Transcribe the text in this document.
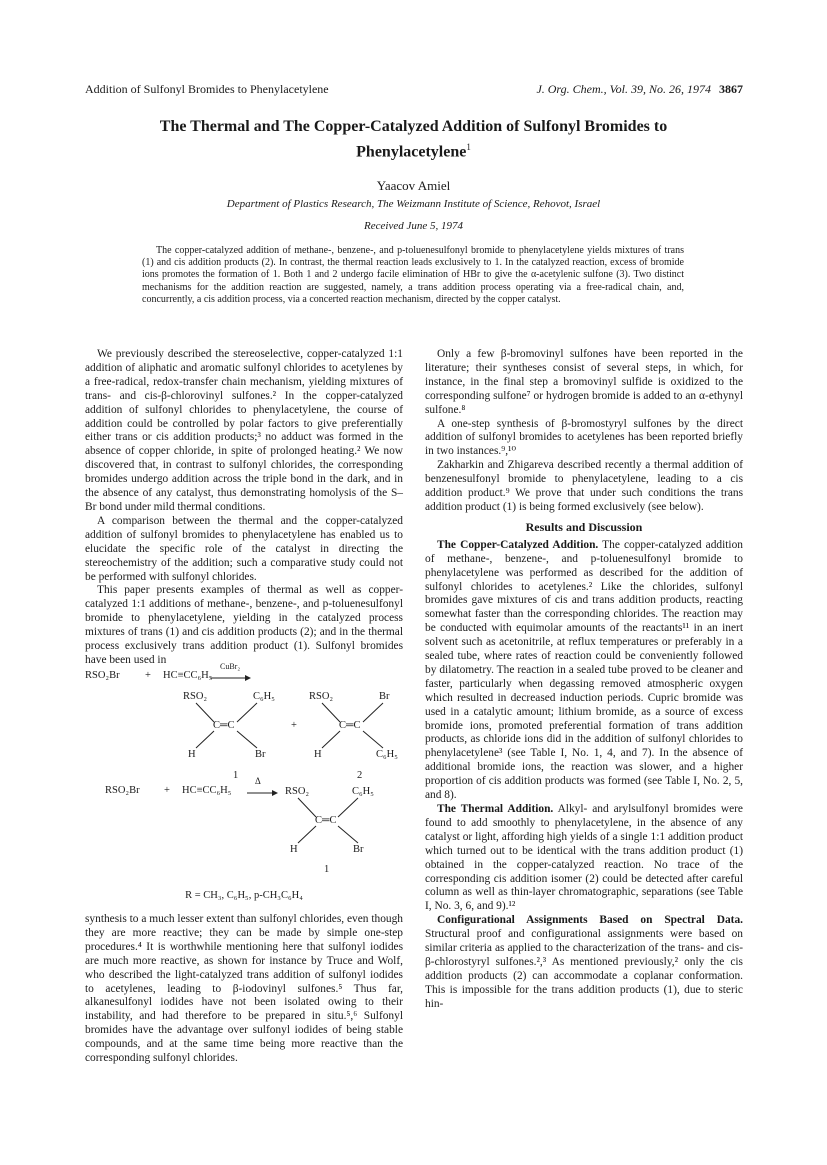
Addition of Sulfonyl Bromides to Phenylacetylene	J. Org. Chem., Vol. 39, No. 26, 1974 3867
The Thermal and The Copper-Catalyzed Addition of Sulfonyl Bromides to
Phenylacetylene$^1$
Yaacov Amiel
Department of Plastics Research, The Weizmann Institute of Science, Rehovot, Israel
Received June 5, 1974
The copper-catalyzed addition of methane-, benzene-, and p-toluenesulfonyl bromide to phenylacetylene yields mixtures of trans (1) and cis addition products (2). In contrast, the thermal reaction leads exclusively to 1. In the catalyzed reaction, excess of bromide ions promotes the formation of 1. Both 1 and 2 undergo facile elimination of HBr to give the α-acetylenic sulfone (3). Two distinct mechanisms for the addition reaction are suggested, namely, a trans addition process operating via a free-radical chain, and, concurrently, a cis addition process, via a concerted reaction mechanism, directed by the copper catalyst.

We previously described the stereoselective, copper-catalyzed 1:1 addition of aliphatic and aromatic sulfonyl chlorides to acetylenes by a free-radical, redox-transfer chain mechanism, yielding mixtures of trans- and cis-β-chlorovinyl sulfones.² In the copper-catalyzed addition of sulfonyl chlorides to phenylacetylene, the course of addition could be controlled by polar factors to give preferentially either trans or cis addition products;³ no adduct was formed in the absence of copper chloride, in spite of prolonged heating.² We now discovered that, in contrast to sulfonyl chlorides, the corresponding bromides undergo addition across the triple bond in the dark, and in the absence of any catalyst, thus demonstrating homolysis of the S–Br bond under mild thermal conditions.

A comparison between the thermal and the copper-catalyzed addition of sulfonyl bromides to phenylacetylene has enabled us to elucidate the specific role of the catalyst in directing the stereochemistry of the addition; such a comparative study could not be performed with sulfonyl chlorides.

This paper presents examples of thermal as well as copper-catalyzed 1:1 additions of methane-, benzene-, and p-toluenesulfonyl bromide to phenylacetylene, yielding in the catalyzed process mixtures of trans (1) and cis addition products (2); and in the thermal process exclusively trans addition product (1). Sulfonyl bromides have been used in

RSO₂Br + HC≡CC₆H₅
CuBr₂
RSO₂	C₆H₅
C═C
H	Br
1
+
RSO₂	Br
C═C
H	C₆H₅
2
RSO₂Br + HC≡CC₆H₅
Δ
RSO₂	C₆H₅
C═C
H	Br
1
R = CH₃, C₆H₅, p-CH₃C₆H₄

synthesis to a much lesser extent than sulfonyl chlorides, even though they are more reactive; they can be made by simple one-step procedures.⁴ It is worthwhile mentioning here that sulfonyl iodides are much more reactive, as shown for instance by Truce and Wolf, who described the light-catalyzed trans addition of sulfonyl iodides to acetylenes, leading to β-iodovinyl sulfones.⁵ Thus far, alkanesulfonyl iodides have not been isolated owing to their instability, and had therefore to be prepared in situ.⁵,⁶ Sulfonyl bromides have the advantage over sulfonyl iodides of being stable compounds, and at the same time being more reactive than the corresponding sulfonyl chlorides.

Only a few β-bromovinyl sulfones have been reported in the literature; their syntheses consist of several steps, in which, for instance, in the final step a bromovinyl sulfide is oxidized to the corresponding sulfone⁷ or hydrogen bromide is added to an α-ethynyl sulfone.⁸

A one-step synthesis of β-bromostyryl sulfones by the direct addition of sulfonyl bromides to acetylenes has been reported briefly in two instances.⁹,¹⁰

Zakharkin and Zhigareva described recently a thermal addition of benzenesulfonyl bromide to phenylacetylene, leading to a cis addition product.⁹ We prove that under such conditions the trans addition product (1) is being formed exclusively (see below).

Results and Discussion

The Copper-Catalyzed Addition. The copper-catalyzed addition of methane-, benzene-, and p-toluenesulfonyl bromide to phenylacetylene was performed as described for the addition of sulfonyl chlorides to acetylenes.² Like the chlorides, sulfonyl bromides gave mixtures of cis and trans addition products, reacting somewhat faster than the corresponding chlorides. The reaction may be conducted with equimolar amounts of the reactants¹¹ in an inert solvent such as acetonitrile, at reflux temperatures or preferably in a sealed tube, where rates of reaction could be conveniently followed by dilatometry. The reaction in a sealed tube proved to be cleaner and faster, particularly when degassing removed atmospheric oxygen which resulted in decreased induction periods. Cupric bromide was used in a catalytic amount; lithium bromide, as a source of excess bromide ions, promoted preferential formation of trans addition products, as chloride ions did in the addition of sulfonyl chlorides to phenylacetylene³ (see Table I, No. 1, 4, and 7). In the absence of additional bromide ions, the reaction was slower, and a higher proportion of cis addition products was formed (see Table I, No. 2, 5, and 8).

The Thermal Addition. Alkyl- and arylsulfonyl bromides were found to add smoothly to phenylacetylene, in the absence of any catalyst or light, affording high yields of a single 1:1 addition product which turned out to be identical with the trans addition product (1) obtained in the copper-catalyzed reaction. No trace of the corresponding cis addition isomer (2) could be detected after careful column as well as thin-layer chromatographic, separations (see Table I, No. 3, 6, and 9).¹²

Configurational Assignments Based on Spectral Data. Structural proof and configurational assignments were based on similar criteria as applied to the characterization of the trans- and cis-β-chlorostyryl sulfones.²,³ As mentioned previously,² only the cis addition products (2) can accommodate a coplanar conformation. This is impossible for the trans addition products (1), due to steric hin-
